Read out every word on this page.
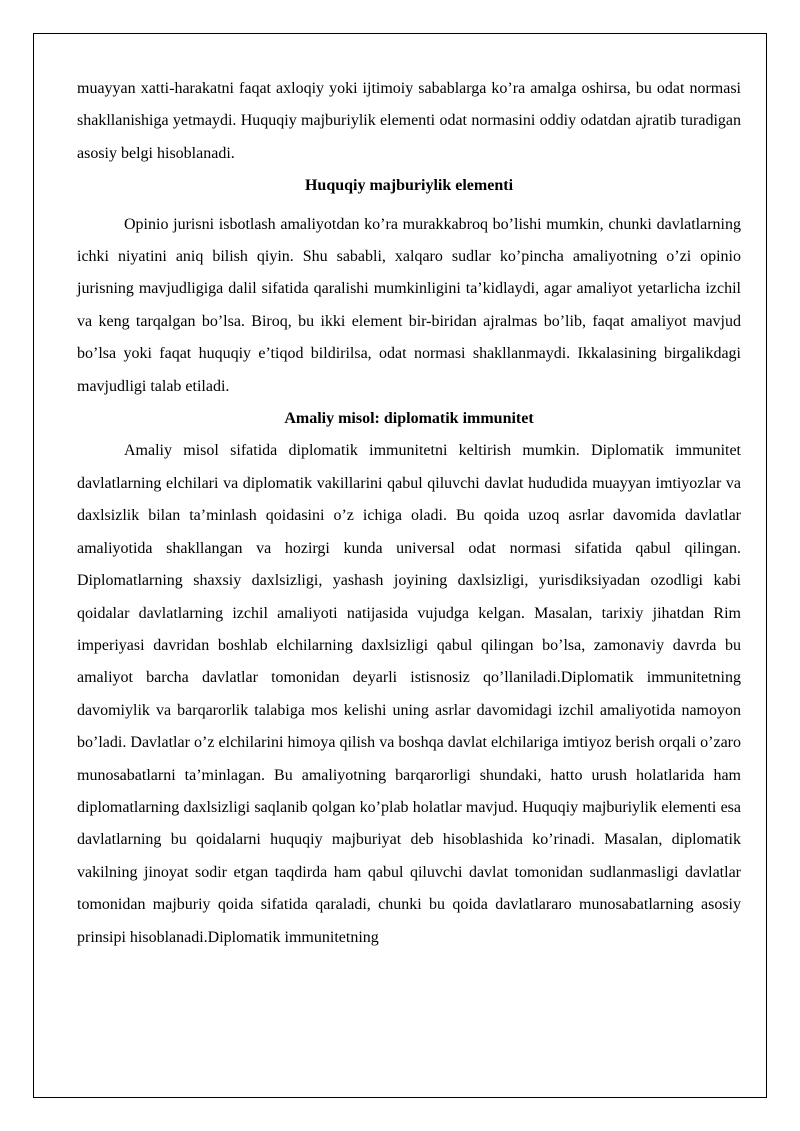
muayyan xatti-harakatni faqat axloqiy yoki ijtimoiy sabablarga ko’ra amalga oshirsa, bu odat normasi shakllanishiga yetmaydi. Huquqiy majburiylik elementi odat normasini oddiy odatdan ajratib turadigan asosiy belgi hisoblanadi.

Huquqiy majburiylik elementi

Opinio jurisni isbotlash amaliyotdan ko’ra murakkabroq bo’lishi mumkin, chunki davlatlarning ichki niyatini aniq bilish qiyin. Shu sababli, xalqaro sudlar ko’pincha amaliyotning o’zi opinio jurisning mavjudligiga dalil sifatida qaralishi mumkinligini ta’kidlaydi, agar amaliyot yetarlicha izchil va keng tarqalgan bo’lsa. Biroq, bu ikki element bir-biridan ajralmas bo’lib, faqat amaliyot mavjud bo’lsa yoki faqat huquqiy e’tiqod bildirilsa, odat normasi shakllanmaydi. Ikkalasining birgalikdagi mavjudligi talab etiladi.

Amaliy misol: diplomatik immunitet

Amaliy misol sifatida diplomatik immunitetni keltirish mumkin. Diplomatik immunitet davlatlarning elchilari va diplomatik vakillarini qabul qiluvchi davlat hududida muayyan imtiyozlar va daxlsizlik bilan ta’minlash qoidasini o’z ichiga oladi. Bu qoida uzoq asrlar davomida davlatlar amaliyotida shakllangan va hozirgi kunda universal odat normasi sifatida qabul qilingan. Diplomatlarning shaxsiy daxlsizligi, yashash joyining daxlsizligi, yurisdiksiyadan ozodligi kabi qoidalar davlatlarning izchil amaliyoti natijasida vujudga kelgan. Masalan, tarixiy jihatdan Rim imperiyasi davridan boshlab elchilarning daxlsizligi qabul qilingan bo’lsa, zamonaviy davrda bu amaliyot barcha davlatlar tomonidan deyarli istisnosiz qo’llaniladi.Diplomatik immunitetning davomiylik va barqarorlik talabiga mos kelishi uning asrlar davomidagi izchil amaliyotida namoyon bo’ladi. Davlatlar o’z elchilarini himoya qilish va boshqa davlat elchilariga imtiyoz berish orqali o’zaro munosabatlarni ta’minlagan. Bu amaliyotning barqarorligi shundaki, hatto urush holatlarida ham diplomatlarning daxlsizligi saqlanib qolgan ko’plab holatlar mavjud. Huquqiy majburiylik elementi esa davlatlarning bu qoidalarni huquqiy majburiyat deb hisoblashida ko’rinadi. Masalan, diplomatik vakilning jinoyat sodir etgan taqdirda ham qabul qiluvchi davlat tomonidan sudlanmasligi davlatlar tomonidan majburiy qoida sifatida qaraladi, chunki bu qoida davlatlararo munosabatlarning asosiy prinsipi hisoblanadi.Diplomatik immunitetning
